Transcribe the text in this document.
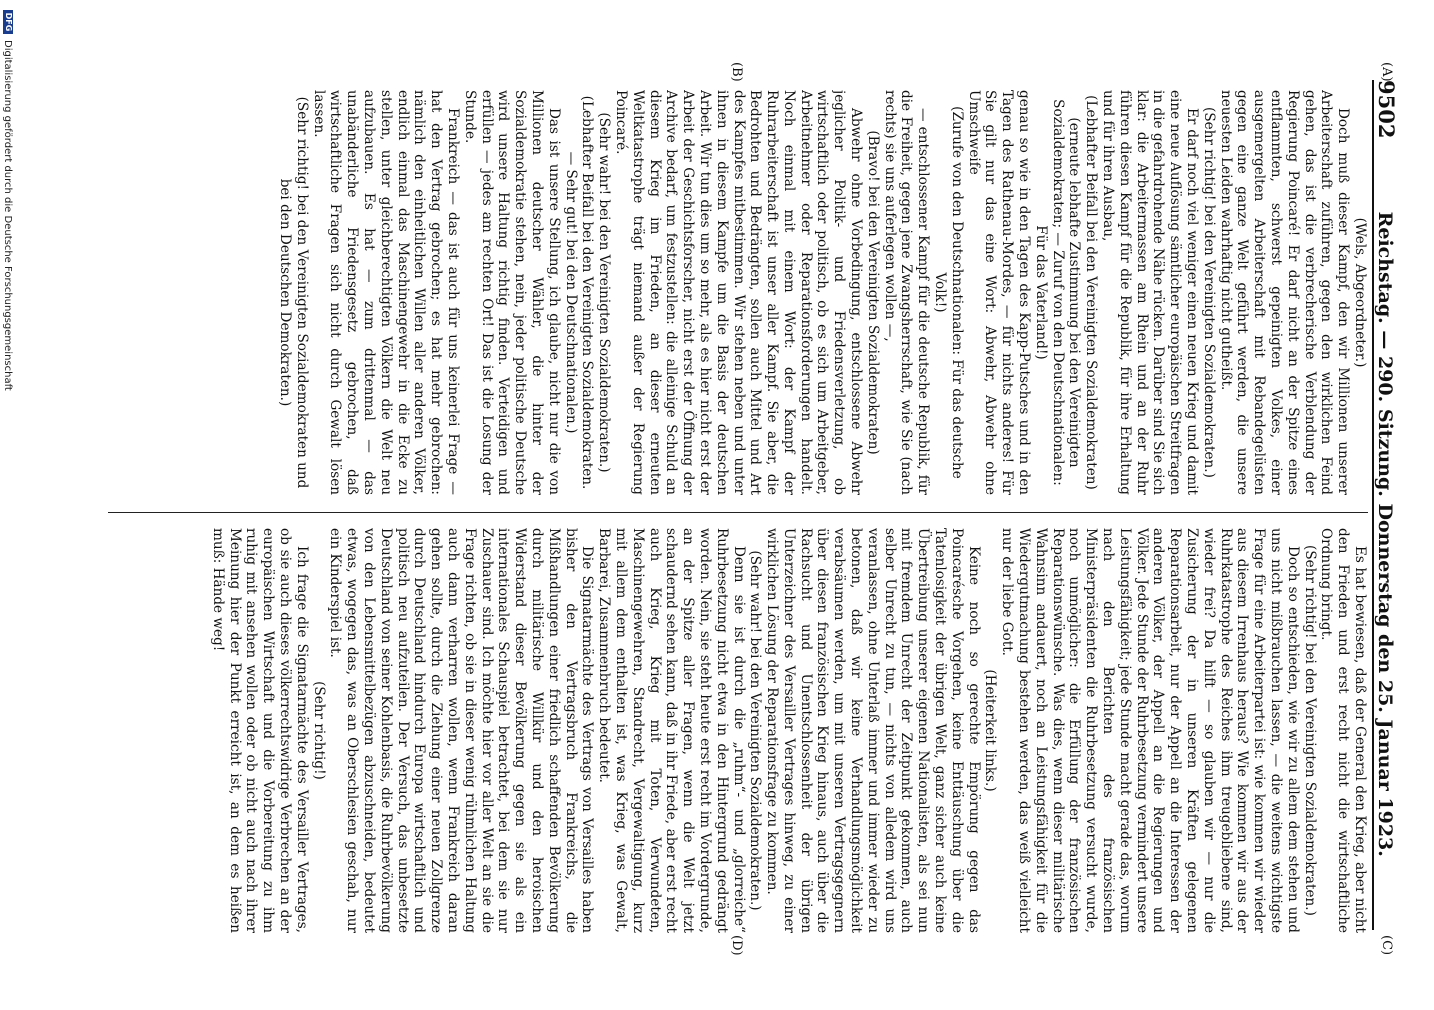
9502
Reichstag. — 290. Sitzung. Donnerstag den 25. Januar 1923.
(A)
(B)
(C)
(D)

(Wels, Abgeordneter.)

Doch muß dieser Kampf, den wir Millionen unserer Arbeiterschaft zuführen, gegen den wirklichen Feind gehen, das ist die verbrecherische Verblendung der Regierung Poincaré! Er darf nicht an der Spitze eines entflammten, schwerst gepeinigten Volkes, einer ausgemergelten Arbeiterschaft mit Rebandegelüsten gegen eine ganze Welt geführt werden, die unsere neuesten Leiden wahrhaftig nicht gutheißt.

(Sehr richtig! bei den Vereinigten Sozialdemokraten.)

Er darf noch viel weniger einen neuen Krieg und damit eine neue Auflösung sämtlicher europäischen Streitfragen in die gefahrdrohende Nähe rücken. Darüber sind Sie sich klar: die Arbeitermassen am Rhein und an der Ruhr führen diesen Kampf für die Republik, für ihre Erhaltung und für ihren Ausbau,

(Lebhafter Beifall bei den Vereinigten Sozialdemokraten)

(erneute lebhafte Zustimmung bei den Vereinigten Sozialdemokraten; — Zuruf von den Deutschnationalen: Für das Vaterland!)

genau so wie in den Tagen des Kapp-Putsches und in den Tagen des Rathenau-Mordes, — für nichts anderes! Für Sie gilt nur das eine Wort: Abwehr, Abwehr ohne Umschweife

(Zurufe von den Deutschnationalen: Für das deutsche Volk!)

— entschlossener Kampf für die deutsche Republik, für die Freiheit, gegen jene Zwangsherrschaft, wie Sie (nach rechts) sie uns auferlegen wollen —,

(Bravo! bei den Vereinigten Sozialdemokraten)

Abwehr ohne Vorbedingung, entschlossene Abwehr jeglicher Politik- und Friedensverletzung, ob wirtschaftlich oder politisch, ob es sich um Arbeitgeber, Arbeitnehmer oder Reparationsforderungen handelt. Noch einmal mit einem Wort: der Kampf der Ruhrarbeiterschaft ist unser aller Kampf. Sie aber, die Bedrohten und Bedrängten, sollen auch Mittel und Art des Kampfes mitbestimmen. Wir stehen neben und unter ihnen in diesem Kampfe um die Basis der deutschen Arbeit. Wir tun dies um so mehr, als es hier nicht erst der Arbeit der Geschichtsforscher, nicht erst der Öffnung der Archive bedarf, um festzustellen: die alleinige Schuld an diesem Krieg im Frieden, an dieser erneuten Weltkatastrophe trägt niemand außer der Regierung Poincaré.

(Sehr wahr! bei den Vereinigten Sozialdemokraten.)

(Lebhafter Beifall bei den Vereinigten Sozialdemokraten. — Sehr gut! bei den Deutschnationalen.)

Das ist unsere Stellung, ich glaube, nicht nur die von Millionen deutscher Wähler, die hinter der Sozialdemokratie stehen, nein, jeder politische Deutsche wird unsere Haltung richtig finden. Verteidigen und erfüllen — jedes am rechten Ort! Das ist die Losung der Stunde.

Frankreich — das ist auch für uns keinerlei Frage — hat den Vertrag gebrochen; es hat mehr gebrochen: nämlich den einheitlichen Willen aller anderen Völker, endlich einmal das Maschinengewehr in die Ecke zu stellen, unter gleichberechtigten Völkern die Welt neu aufzubauen. Es hat — zum drittenmal — das unabänderliche Friedensgesetz gebrochen, daß wirtschaftliche Fragen sich nicht durch Gewalt lösen lassen.

(Sehr richtig! bei den Vereinigten Sozialdemokraten und bei den Deutschen Demokraten.)

Es hat bewiesen, daß der General den Krieg, aber nicht den Frieden und erst recht nicht die wirtschaftliche Ordnung bringt.

(Sehr richtig! bei den Vereinigten Sozialdemokraten.)

Doch so entschieden, wie wir zu allem dem stehen und uns nicht mißbrauchen lassen, — die weitens wichtigste Frage für eine Arbeiterpartei ist: wie kommen wir wieder aus diesem Irrenhaus heraus? Wie kommen wir aus der Ruhrkatastrophe des Reiches ihm treugebliebene sind, wieder frei? Da hilft — so glauben wir — nur die Zusicherung der in unseren Kräften gelegenen Reparationsarbeit, nur der Appell an die Interessen der anderen Völker, der Appell an die Regierungen und Völker. Jede Stunde der Ruhrbesetzung vermindert unsere Leistungsfähigkeit; jede Stunde macht gerade das, worum nach den Berichten des französischen Ministerpräsidenten die Ruhrbesetzung versucht wurde, noch unmöglicher: die Erfüllung der französischen Reparationswünsche. Was dies, wenn dieser militärische Wahnsinn andauert, noch an Leistungsfähigkeit für die Wiedergutmachung bestehen werden, das weiß vielleicht nur der liebe Gott.

(Heiterkeit links.)

Keine noch so gerechte Empörung gegen das Poincarésche Vorgehen, keine Enttäuschung über die Tatenlosigkeit der übrigen Welt, ganz sicher auch keine Übertreibung unserer eigenen Nationalisten, als sei nun mit fremdem Unrecht der Zeitpunkt gekommen, auch selber Unrecht zu tun, — nichts von alledem wird uns veranlassen, ohne Unterlaß immer und immer wieder zu betonen, daß wir keine Verhandlungsmöglichkeit verabsäumen werden, um mit unseren Vertragsgegnern über diesen französischen Krieg hinaus, auch über die Rachsucht und Unentschlossenheit der übrigen Unterzeichner des Versailler Vertrages hinweg, zu einer wirklichen Lösung der Reparationsfrage zu kommen.

(Sehr wahr! bei den Vereinigten Sozialdemokraten.)

Denn sie ist durch die „ruhm“- und „glorreiche“ Ruhrbesetzung nicht etwa in den Hintergrund gedrängt worden. Nein, sie steht heute erst recht im Vordergrunde, an der Spitze aller Fragen, wenn die Welt jetzt schaudernd sehen kann, daß in ihr Friede, aber erst recht auch Krieg, Krieg mit Toten, Verwundeten, Maschinengewehren, Standrecht, Vergewaltigung, kurz mit allem dem enthalten ist, was Krieg, was Gewalt, Barbarei, Zusammenbruch bedeutet.

Die Signatarmächte des Vertrags von Versailles haben bisher den Vertragsbruch Frankreichs, die Mißhandlungen einer friedlich schaffenden Bevölkerung durch militärische Willkür und den heroischen Widerstand dieser Bevölkerung gegen sie als ein internationales Schauspiel betrachtet, bei dem sie nur Zuschauer sind. Ich möchte hier vor aller Welt an sie die Frage richten, ob sie in dieser wenig rühmlichen Haltung auch dann verharren wollen, wenn Frankreich daran gehen sollte, durch die Ziehung einer neuen Zollgrenze durch Deutschland hindurch Europa wirtschaftlich und politisch neu aufzuteilen. Der Versuch, das unbesetzte Deutschland von seiner Kohlenbasis, die Ruhrbevölkerung von den Lebensmittelbezügen abzuschneiden, bedeutet etwas, wogegen das, was an Oberschlesien geschah, nur ein Kinderspiel ist.

(Sehr richtig!)

Ich frage die Signatarmächte des Versailler Vertrages, ob sie auch dieses völkerrechtswidrige Verbrechen an der europäischen Wirtschaft und die Vorbereitung zu ihm ruhig mit ansehen wollen oder ob nicht auch nach ihrer Meinung hier der Punkt erreicht ist, an dem es heißen muß: Hände weg!

DFG
Digitalisierung gefördert durch die Deutsche Forschungsgemeinschaft
